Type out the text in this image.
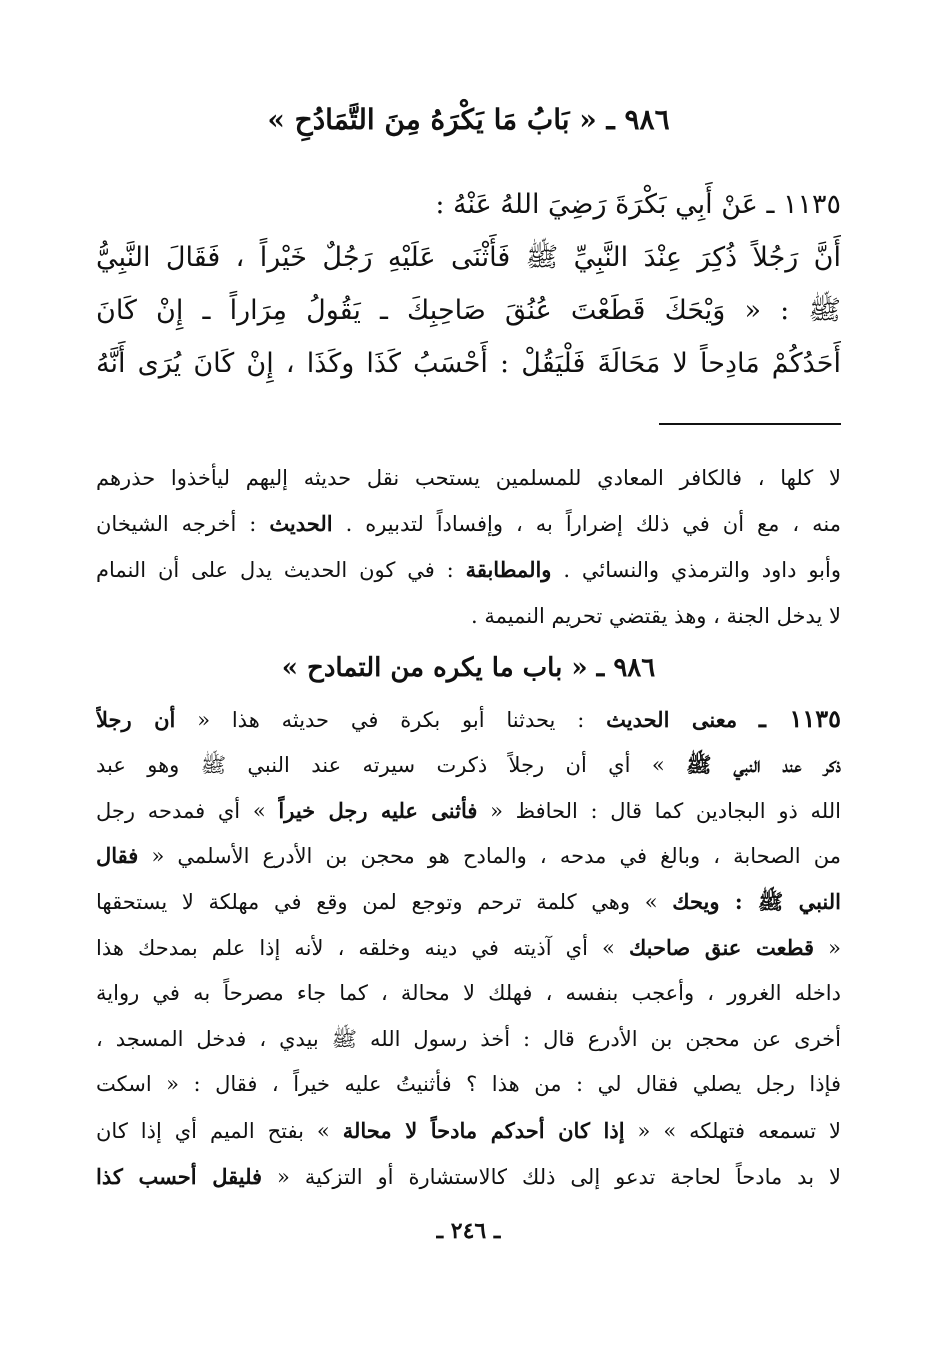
٩٨٦ ـ « بَابُ مَا يَكْرَهُ مِنَ التَّمَادُحِ »
١١٣٥ ـ عَنْ أَبِي بَكْرَةَ رَضِيَ اللهُ عَنْهُ :
أَنَّ رَجُلاً ذُكِرَ عِنْدَ النَّبِيِّ ﷺ فَأَثْنَى عَلَيْهِ رَجُلٌ خَيْراً ، فَقَالَ النَّبِيُّ
ﷺ : « وَيْحَكَ قَطَعْتَ عُنُقَ صَاحِبِكَ ـ يَقُولُ مِرَاراً ـ إِنْ كَانَ
أَحَدُكُمْ مَادِحاً لا مَحَالَةَ فَلْيَقُلْ : أَحْسَبُ كَذَا وكَذَا ، إِنْ كَانَ يُرَى أَنَّهُ
لا كلها ، فالكافر المعادي للمسلمين يستحب نقل حديثه إليهم ليأخذوا حذرهم
منه ، مع أن في ذلك إضراراً به ، وإفساداً لتدبيره . الحديث : أخرجه الشيخان
وأبو داود والترمذي والنسائي . والمطابقة : في كون الحديث يدل على أن النمام
لا يدخل الجنة ، وهذ يقتضي تحريم النميمة .
٩٨٦ ـ « باب ما يكره من التمادح »
١١٣٥ ـ معنى الحديث : يحدثنا أبو بكرة في حديثه هذا « أن رجلاً
ذكر عند النبي ﷺ » أي أن رجلاً ذكرت سيرته عند النبي ﷺ وهو عبد
الله ذو البجادين كما قال : الحافظ « فأثنى عليه رجل خيراً » أي فمدحه رجل
من الصحابة ، وبالغ في مدحه ، والمادح هو محجن بن الأدرع الأسلمي « فقال
النبي ﷺ : ويحك » وهي كلمة ترحم وتوجع لمن وقع في مهلكة لا يستحقها
« قطعت عنق صاحبك » أي آذيته في دينه وخلقه ، لأنه إذا علم بمدحك هذا
داخله الغرور ، وأعجب بنفسه ، فهلك لا محالة ، كما جاء مصرحاً به في رواية
أخرى عن محجن بن الأدرع قال : أخذ رسول الله ﷺ بيدي ، فدخل المسجد ،
فإذا رجل يصلي فقال لي : من هذا ؟ فأثنيتُ عليه خيراً ، فقال : « اسكت
لا تسمعه فتهلكه » « إذا كان أحدكم مادحاً لا محالة » بفتح الميم أي إذا كان
لا بد مادحاً لحاجة تدعو إلى ذلك كالاستشارة أو التزكية « فليقل أحسب كذا
ـ ٢٤٦ ـ
